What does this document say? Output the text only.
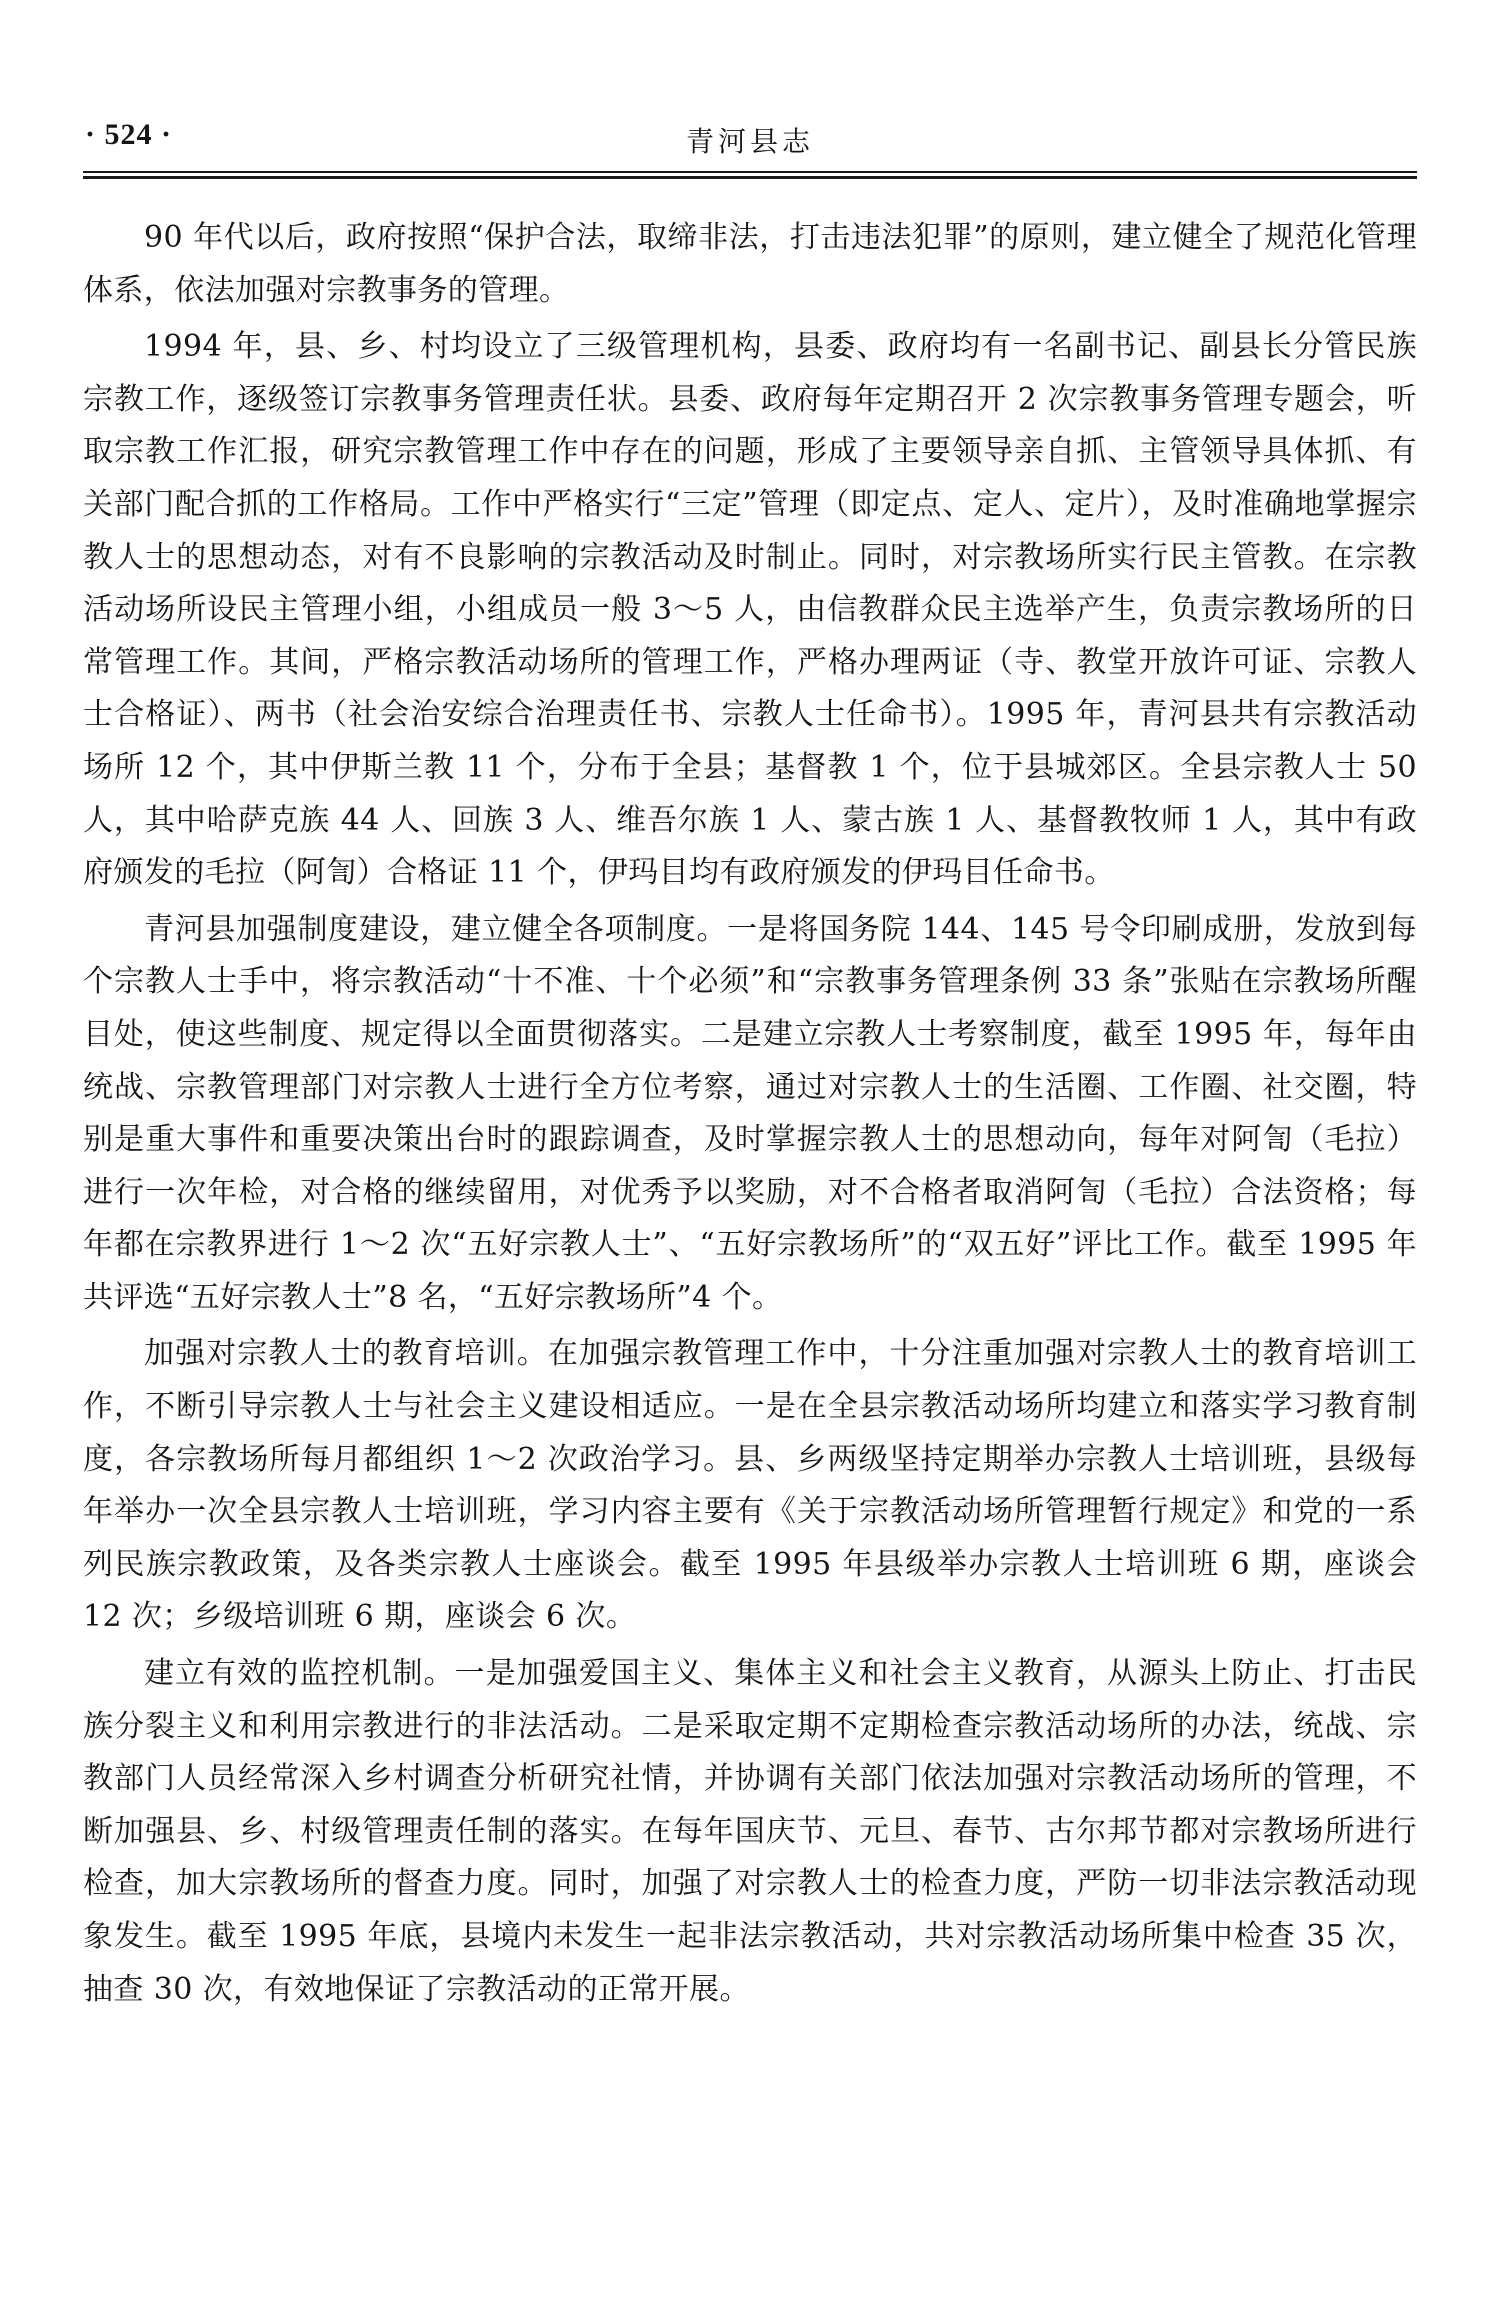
青河县志
· 524 ·

90 年代以后，政府按照“保护合法，取缔非法，打击违法犯罪”的原则，建立健全了规范化管理体系，依法加强对宗教事务的管理。

1994 年，县、乡、村均设立了三级管理机构，县委、政府均有一名副书记、副县长分管民族宗教工作，逐级签订宗教事务管理责任状。县委、政府每年定期召开 2 次宗教事务管理专题会，听取宗教工作汇报，研究宗教管理工作中存在的问题，形成了主要领导亲自抓、主管领导具体抓、有关部门配合抓的工作格局。工作中严格实行“三定”管理（即定点、定人、定片），及时准确地掌握宗教人士的思想动态，对有不良影响的宗教活动及时制止。同时，对宗教场所实行民主管教。在宗教活动场所设民主管理小组，小组成员一般 3～5 人，由信教群众民主选举产生，负责宗教场所的日常管理工作。其间，严格宗教活动场所的管理工作，严格办理两证（寺、教堂开放许可证、宗教人士合格证）、两书（社会治安综合治理责任书、宗教人士任命书）。1995 年，青河县共有宗教活动场所 12 个，其中伊斯兰教 11 个，分布于全县；基督教 1 个，位于县城郊区。全县宗教人士 50 人，其中哈萨克族 44 人、回族 3 人、维吾尔族 1 人、蒙古族 1 人、基督教牧师 1 人，其中有政府颁发的毛拉（阿訇）合格证 11 个，伊玛目均有政府颁发的伊玛目任命书。

青河县加强制度建设，建立健全各项制度。一是将国务院 144、145 号令印刷成册，发放到每个宗教人士手中，将宗教活动“十不准、十个必须”和“宗教事务管理条例 33 条”张贴在宗教场所醒目处，使这些制度、规定得以全面贯彻落实。二是建立宗教人士考察制度，截至 1995 年，每年由统战、宗教管理部门对宗教人士进行全方位考察，通过对宗教人士的生活圈、工作圈、社交圈，特别是重大事件和重要决策出台时的跟踪调查，及时掌握宗教人士的思想动向，每年对阿訇（毛拉）进行一次年检，对合格的继续留用，对优秀予以奖励，对不合格者取消阿訇（毛拉）合法资格；每年都在宗教界进行 1～2 次“五好宗教人士”、“五好宗教场所”的“双五好”评比工作。截至 1995 年共评选“五好宗教人士”8 名，“五好宗教场所”4 个。

加强对宗教人士的教育培训。在加强宗教管理工作中，十分注重加强对宗教人士的教育培训工作，不断引导宗教人士与社会主义建设相适应。一是在全县宗教活动场所均建立和落实学习教育制度，各宗教场所每月都组织 1～2 次政治学习。县、乡两级坚持定期举办宗教人士培训班，县级每年举办一次全县宗教人士培训班，学习内容主要有《关于宗教活动场所管理暂行规定》和党的一系列民族宗教政策，及各类宗教人士座谈会。截至 1995 年县级举办宗教人士培训班 6 期，座谈会 12 次；乡级培训班 6 期，座谈会 6 次。

建立有效的监控机制。一是加强爱国主义、集体主义和社会主义教育，从源头上防止、打击民族分裂主义和利用宗教进行的非法活动。二是采取定期不定期检查宗教活动场所的办法，统战、宗教部门人员经常深入乡村调查分析研究社情，并协调有关部门依法加强对宗教活动场所的管理，不断加强县、乡、村级管理责任制的落实。在每年国庆节、元旦、春节、古尔邦节都对宗教场所进行检查，加大宗教场所的督查力度。同时，加强了对宗教人士的检查力度，严防一切非法宗教活动现象发生。截至 1995 年底，县境内未发生一起非法宗教活动，共对宗教活动场所集中检查 35 次，抽查 30 次，有效地保证了宗教活动的正常开展。
